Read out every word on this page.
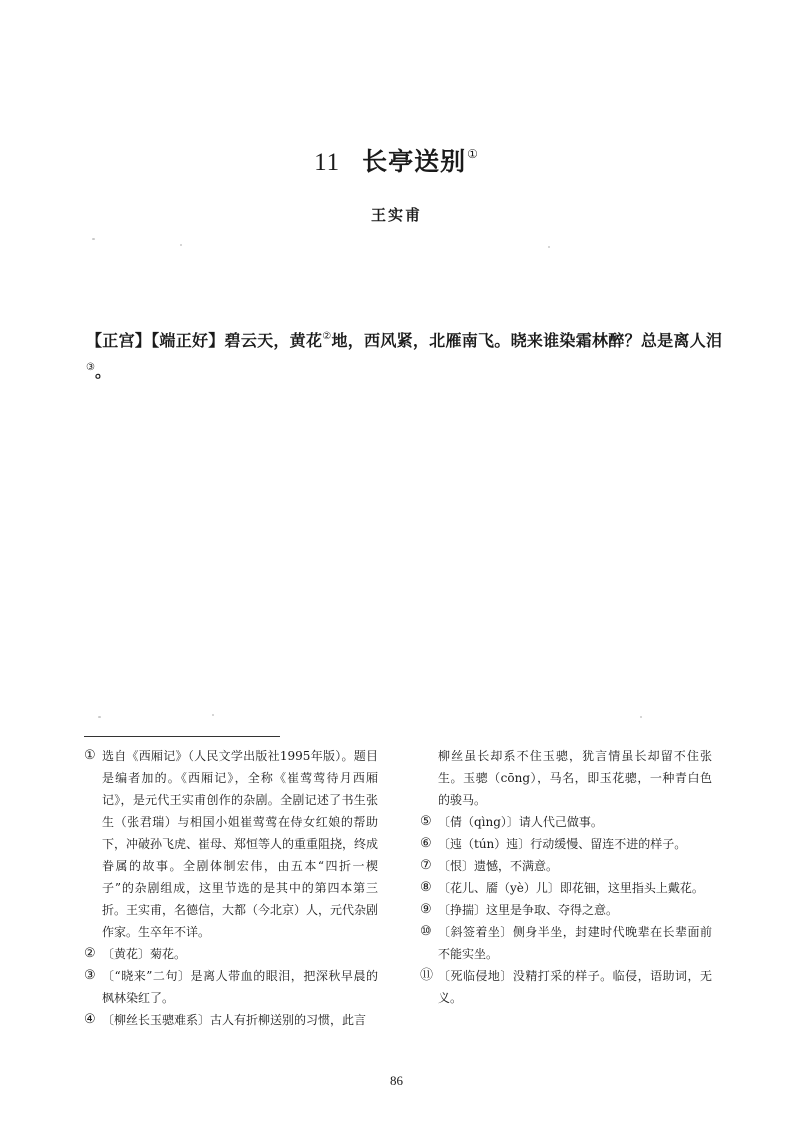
11 长亭送别①
王实甫
【正宫】【端正好】碧云天，黄花②地，西风紧，北雁南飞。晓来谁染霜林醉？总是离人泪③。
① 选自《西厢记》（人民文学出版社1995年版）。题目是编者加的。《西厢记》，全称《崔莺莺待月西厢记》，是元代王实甫创作的杂剧。全剧记述了书生张生（张君瑞）与相国小姐崔莺莺在侍女红娘的帮助下，冲破孙飞虎、崔母、郑恒等人的重重阻挠，终成眷属的故事。全剧体制宏伟，由五本“四折一楔子”的杂剧组成，这里节选的是其中的第四本第三折。王实甫，名德信，大都（今北京）人，元代杂剧作家。生卒年不详。
② 〔黄花〕菊花。
③ 〔“晓来”二句〕是离人带血的眼泪，把深秋早晨的枫林染红了。
④ 〔柳丝长玉骢难系〕古人有折柳送别的习惯，此言
柳丝虽长却系不住玉骢，犹言情虽长却留不住张生。玉骢（cōng），马名，即玉花骢，一种青白色的骏马。
⑤ 〔倩（qìng）〕请人代己做事。
⑥ 〔迍（tún）迍〕行动缓慢、留连不进的样子。
⑦ 〔恨〕遗憾，不满意。
⑧ 〔花儿、靥（yè）儿〕即花钿，这里指头上戴花。
⑨ 〔挣揣〕这里是争取、夺得之意。
⑩ 〔斜签着坐〕侧身半坐，封建时代晚辈在长辈面前不能实坐。
⑪ 〔死临侵地〕没精打采的样子。临侵，语助词，无义。
86
